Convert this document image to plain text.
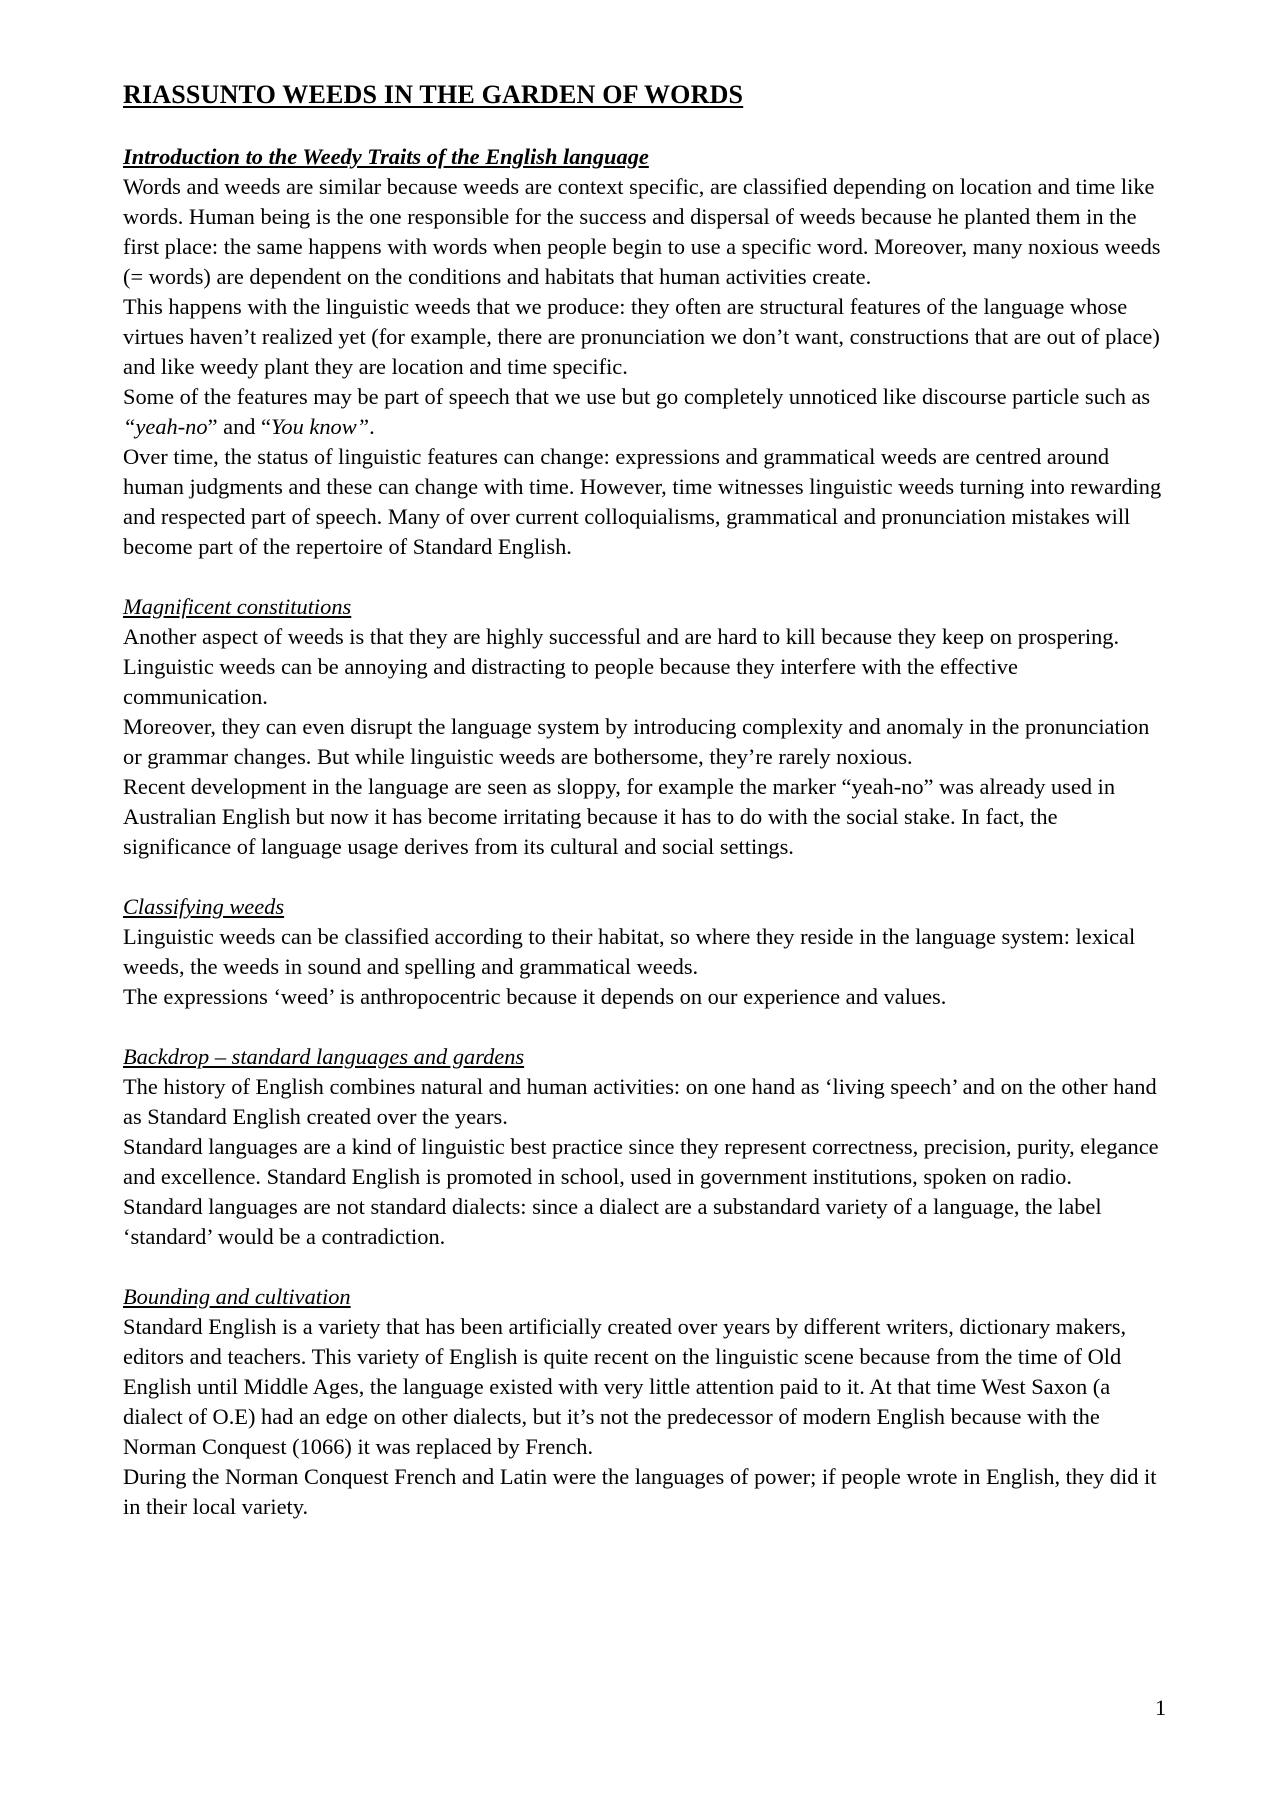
RIASSUNTO WEEDS IN THE GARDEN OF WORDS
Introduction to the Weedy Traits of the English language

Words and weeds are similar because weeds are context specific, are classified depending on location and time like words. Human being is the one responsible for the success and dispersal of weeds because he planted them in the first place: the same happens with words when people begin to use a specific word. Moreover, many noxious weeds (= words) are dependent on the conditions and habitats that human activities create.

This happens with the linguistic weeds that we produce: they often are structural features of the language whose virtues haven’t realized yet (for example, there are pronunciation we don’t want, constructions that are out of place) and like weedy plant they are location and time specific.

Some of the features may be part of speech that we use but go completely unnoticed like discourse particle such as “yeah-no” and “You know”.

Over time, the status of linguistic features can change: expressions and grammatical weeds are centred around human judgments and these can change with time. However, time witnesses linguistic weeds turning into rewarding and respected part of speech. Many of over current colloquialisms, grammatical and pronunciation mistakes will become part of the repertoire of Standard English.

Magnificent constitutions

Another aspect of weeds is that they are highly successful and are hard to kill because they keep on prospering. Linguistic weeds can be annoying and distracting to people because they interfere with the effective communication.

Moreover, they can even disrupt the language system by introducing complexity and anomaly in the pronunciation or grammar changes. But while linguistic weeds are bothersome, they’re rarely noxious.

Recent development in the language are seen as sloppy, for example the marker “yeah-no” was already used in Australian English but now it has become irritating because it has to do with the social stake. In fact, the significance of language usage derives from its cultural and social settings.

Classifying weeds

Linguistic weeds can be classified according to their habitat, so where they reside in the language system: lexical weeds, the weeds in sound and spelling and grammatical weeds.

The expressions ‘weed’ is anthropocentric because it depends on our experience and values.

Backdrop – standard languages and gardens

The history of English combines natural and human activities: on one hand as ‘living speech’ and on the other hand as Standard English created over the years.

Standard languages are a kind of linguistic best practice since they represent correctness, precision, purity, elegance and excellence. Standard English is promoted in school, used in government institutions, spoken on radio.

Standard languages are not standard dialects: since a dialect are a substandard variety of a language, the label ‘standard’ would be a contradiction.

Bounding and cultivation

Standard English is a variety that has been artificially created over years by different writers, dictionary makers, editors and teachers. This variety of English is quite recent on the linguistic scene because from the time of Old English until Middle Ages, the language existed with very little attention paid to it. At that time West Saxon (a dialect of O.E) had an edge on other dialects, but it’s not the predecessor of modern English because with the Norman Conquest (1066) it was replaced by French.

During the Norman Conquest French and Latin were the languages of power; if people wrote in English, they did it in their local variety.

1
